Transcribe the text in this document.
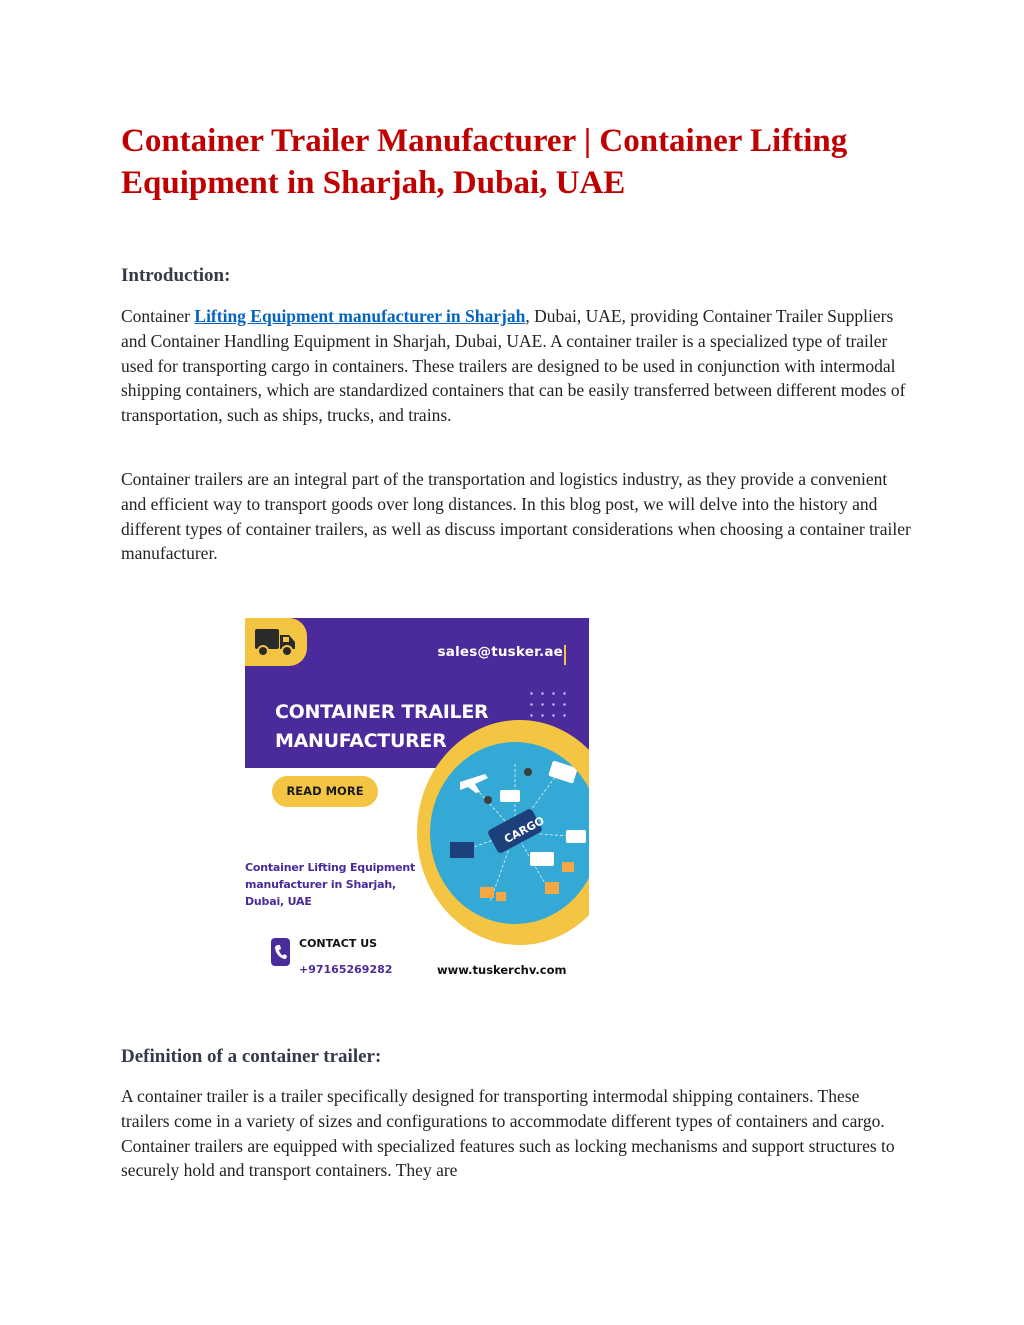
Container Trailer Manufacturer | Container Lifting Equipment in Sharjah, Dubai, UAE
Introduction:

Container Lifting Equipment manufacturer in Sharjah, Dubai, UAE, providing Container Trailer Suppliers and Container Handling Equipment in Sharjah, Dubai, UAE. A container trailer is a specialized type of trailer used for transporting cargo in containers. These trailers are designed to be used in conjunction with intermodal shipping containers, which are standardized containers that can be easily transferred between different modes of transportation, such as ships, trucks, and trains.

Container trailers are an integral part of the transportation and logistics industry, as they provide a convenient and efficient way to transport goods over long distances. In this blog post, we will delve into the history and different types of container trailers, as well as discuss important considerations when choosing a container trailer manufacturer.

Definition of a container trailer:

A container trailer is a trailer specifically designed for transporting intermodal shipping containers. These trailers come in a variety of sizes and configurations to accommodate different types of containers and cargo. Container trailers are equipped with specialized features such as locking mechanisms and support structures to securely hold and transport containers. They are

sales@tusker.ae
CONTAINER TRAILER
MANUFACTURER
READ MORE
CARGO

Container Lifting Equipment
manufacturer in Sharjah,
Dubai, UAE

CONTACT US
+97165269282	www.tuskerchv.com
